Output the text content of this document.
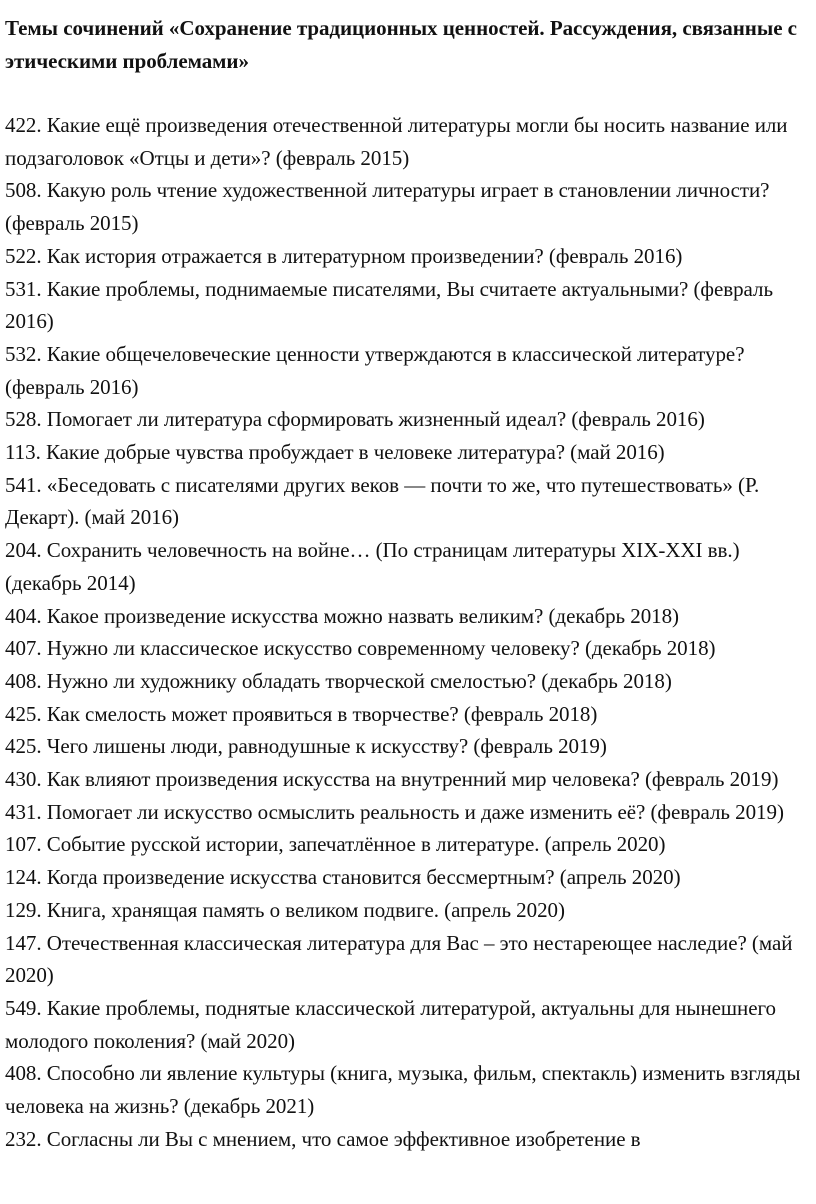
Темы сочинений «Сохранение традиционных ценностей. Рассуждения, связанные с этическими проблемами»
422. Какие ещё произведения отечественной литературы могли бы носить название или подзаголовок «Отцы и дети»? (февраль 2015)
508. Какую роль чтение художественной литературы играет в становлении личности? (февраль 2015)
522. Как история отражается в литературном произведении? (февраль 2016)
531. Какие проблемы, поднимаемые писателями, Вы считаете актуальными? (февраль 2016)
532. Какие общечеловеческие ценности утверждаются в классической литературе? (февраль 2016)
528. Помогает ли литература сформировать жизненный идеал? (февраль 2016)
113. Какие добрые чувства пробуждает в человеке литература? (май 2016)
541. «Беседовать с писателями других веков — почти то же, что путешествовать» (Р. Декарт). (май 2016)
204. Сохранить человечность на войне… (По страницам литературы XIX-XXI вв.) (декабрь 2014)
404. Какое произведение искусства можно назвать великим? (декабрь 2018)
407. Нужно ли классическое искусство современному человеку? (декабрь 2018)
408. Нужно ли художнику обладать творческой смелостью? (декабрь 2018)
425. Как смелость может проявиться в творчестве? (февраль 2018)
425. Чего лишены люди, равнодушные к искусству? (февраль 2019)
430. Как влияют произведения искусства на внутренний мир человека? (февраль 2019)
431. Помогает ли искусство осмыслить реальность и даже изменить её? (февраль 2019)
107. Событие русской истории, запечатлённое в литературе. (апрель 2020)
124. Когда произведение искусства становится бессмертным? (апрель 2020)
129. Книга, хранящая память о великом подвиге. (апрель 2020)
147. Отечественная классическая литература для Вас – это нестареющее наследие? (май 2020)
549. Какие проблемы, поднятые классической литературой, актуальны для нынешнего молодого поколения? (май 2020)
408. Способно ли явление культуры (книга, музыка, фильм, спектакль) изменить взгляды человека на жизнь? (декабрь 2021)
232. Согласны ли Вы с мнением, что самое эффективное изобретение в
